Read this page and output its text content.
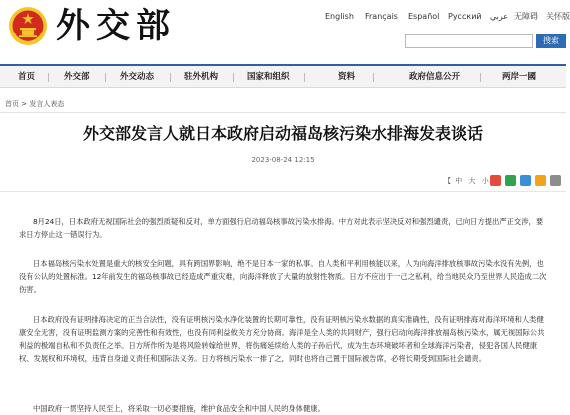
外交部	English Français Español Русский عربي 无障碍 关怀版
搜索
首页	外交部	外交动态	驻外机构	国家和组织	资料	政府信息公开	两岸一國
首页 > 发言人表态
外交部发言人就日本政府启动福岛核污染水排海发表谈话
2023-08-24 12:15
【 中 大 小

8月24日，日本政府无视国际社会的强烈质疑和反对，单方面强行启动福岛核事故污染水排海。中方对此表示坚决反对和强烈谴责，已向日方提出严正交涉，要求日方停止这一错误行为。

日本福岛核污染水处置是重大的核安全问题，具有跨国界影响，绝不是日本一家的私事。自人类和平利用核能以来，人为向海洋排放核事故污染水没有先例，也没有公认的处置标准。12年前发生的福岛核事故已经造成严重灾难，向海洋释放了大量的放射性物质。日方不应出于一己之私利，给当地民众乃至世界人民造成二次伤害。

日本政府没有证明排海决定的正当合法性，没有证明核污染水净化装置的长期可靠性，没有证明核污染水数据的真实准确性，没有证明排海对海洋环境和人类健康安全无害，没有证明监测方案的完善性和有效性，也没有同利益攸关方充分协商。海洋是全人类的共同财产，强行启动向海洋排放福岛核污染水，属无视国际公共利益的极端自私和不负责任之举。日方所作所为是将风险转嫁给世界，将伤痛延续给人类的子孙后代，成为生态环境破坏者和全球海洋污染者，侵犯各国人民健康权、发展权和环境权，违背自身道义责任和国际法义务。日方将核污染水一排了之，同时也将自己置于国际被告席，必将长期受到国际社会谴责。

中国政府一贯坚持人民至上，将采取一切必要措施，维护食品安全和中国人民的身体健康。
